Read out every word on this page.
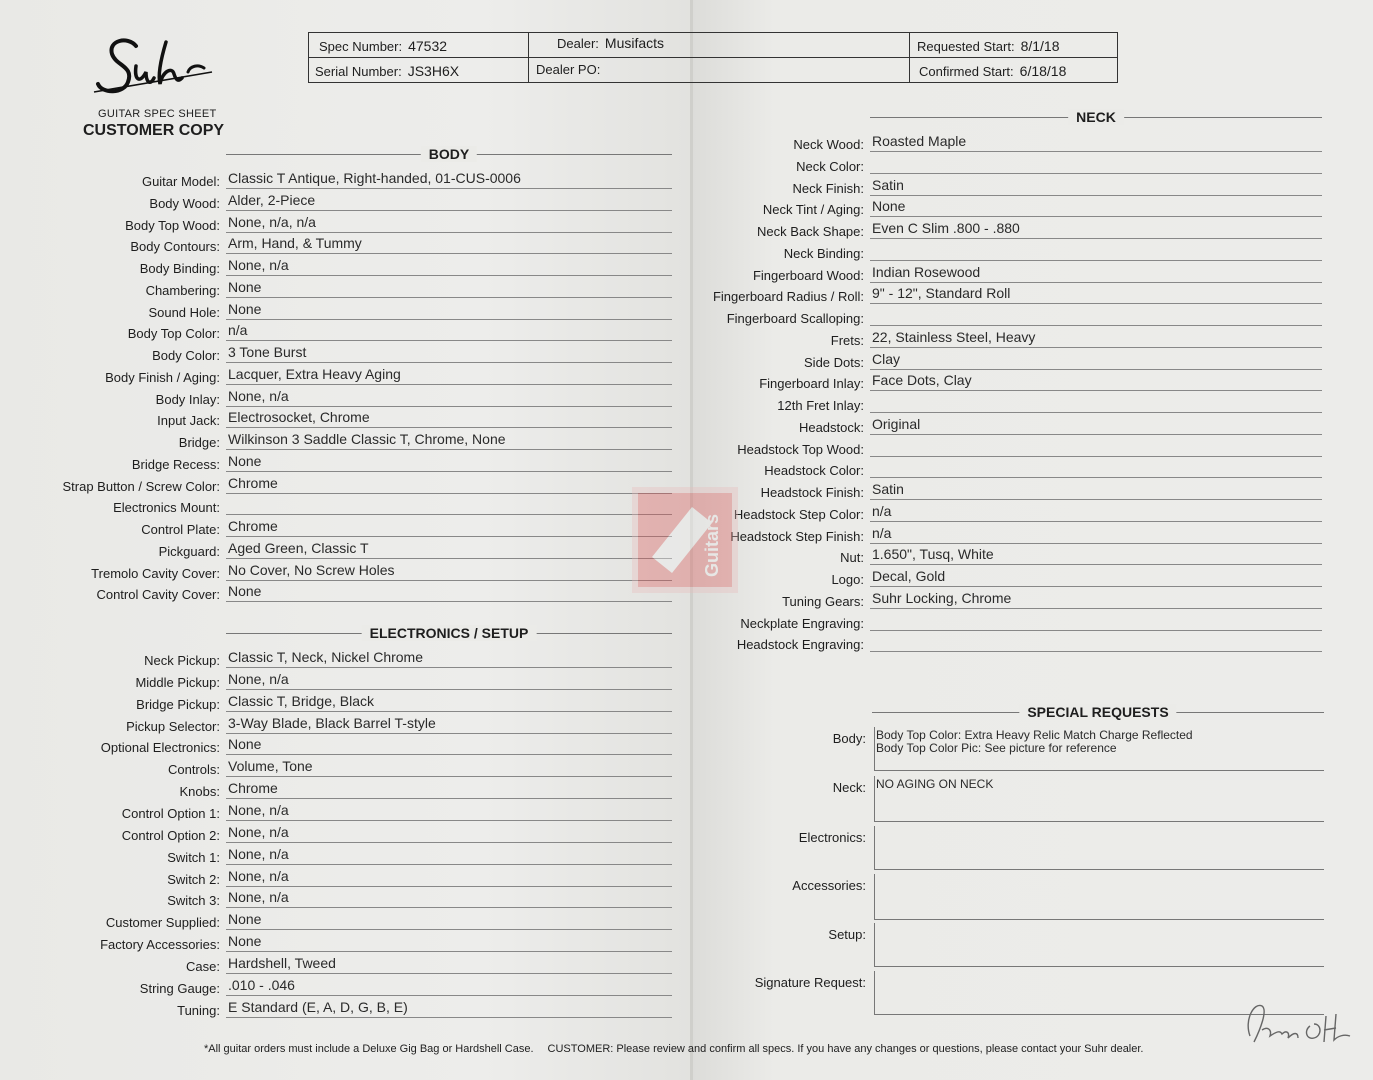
GUITAR SPEC SHEET
CUSTOMER COPY
Spec Number: 47532
Serial Number: JS3H6X
Dealer: Musifacts
Dealer PO:
Requested Start: 8/1/18
Confirmed Start: 6/18/18
BODY
Guitar Model: Classic T Antique, Right-handed, 01-CUS-0006
Body Wood: Alder, 2-Piece
Body Top Wood: None, n/a, n/a
Body Contours: Arm, Hand, & Tummy
Body Binding: None, n/a
Chambering: None
Sound Hole: None
Body Top Color: n/a
Body Color: 3 Tone Burst
Body Finish / Aging: Lacquer, Extra Heavy Aging
Body Inlay: None, n/a
Input Jack: Electrosocket, Chrome
Bridge: Wilkinson 3 Saddle Classic T, Chrome, None
Bridge Recess: None
Strap Button / Screw Color: Chrome
Electronics Mount:
Control Plate: Chrome
Pickguard: Aged Green, Classic T
Tremolo Cavity Cover: No Cover, No Screw Holes
Control Cavity Cover: None
ELECTRONICS / SETUP
Neck Pickup: Classic T, Neck, Nickel Chrome
Middle Pickup: None, n/a
Bridge Pickup: Classic T, Bridge, Black
Pickup Selector: 3-Way Blade, Black Barrel T-style
Optional Electronics: None
Controls: Volume, Tone
Knobs: Chrome
Control Option 1: None, n/a
Control Option 2: None, n/a
Switch 1: None, n/a
Switch 2: None, n/a
Switch 3: None, n/a
Customer Supplied: None
Factory Accessories: None
Case: Hardshell, Tweed
String Gauge: .010 - .046
Tuning: E Standard (E, A, D, G, B, E)
NECK
Neck Wood: Roasted Maple
Neck Color:
Neck Finish: Satin
Neck Tint / Aging: None
Neck Back Shape: Even C Slim .800 - .880
Neck Binding:
Fingerboard Wood: Indian Rosewood
Fingerboard Radius / Roll: 9" - 12", Standard Roll
Fingerboard Scalloping:
Frets: 22, Stainless Steel, Heavy
Side Dots: Clay
Fingerboard Inlay: Face Dots, Clay
12th Fret Inlay:
Headstock: Original
Headstock Top Wood:
Headstock Color:
Headstock Finish: Satin
Headstock Step Color: n/a
Headstock Step Finish: n/a
Nut: 1.650", Tusq, White
Logo: Decal, Gold
Tuning Gears: Suhr Locking, Chrome
Neckplate Engraving:
Headstock Engraving:
SPECIAL REQUESTS
Body: Body Top Color: Extra Heavy Relic Match Charge Reflected
Body Top Color Pic: See picture for reference
Neck: NO AGING ON NECK
Electronics:
Accessories:
Setup:
Signature Request:
*All guitar orders must include a Deluxe Gig Bag or Hardshell Case. CUSTOMER: Please review and confirm all specs. If you have any changes or questions, please contact your Suhr dealer.
Guitars
